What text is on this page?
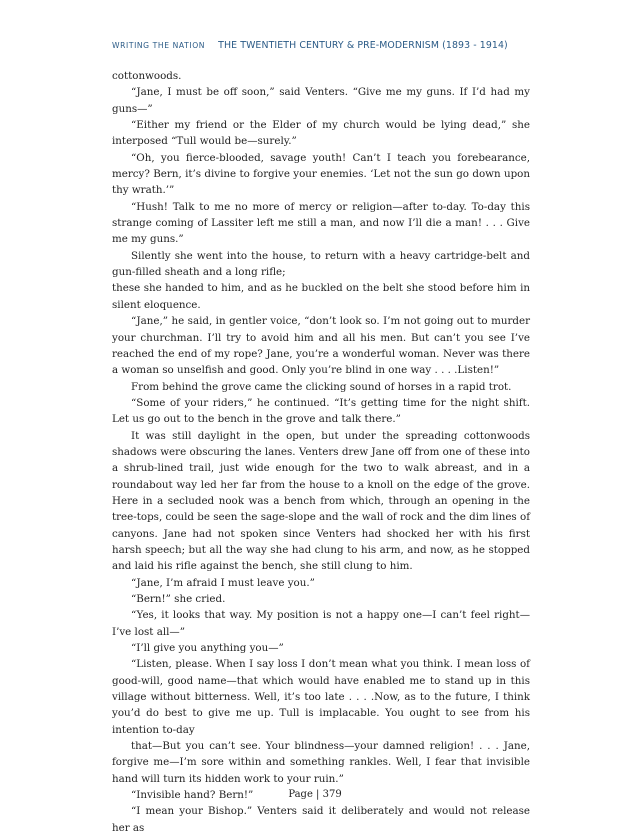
WRITING THE NATION THE TWENTIETH CENTURY & PRE-MODERNISM (1893 - 1914)

cottonwoods.

“Jane, I must be off soon,” said Venters. “Give me my guns. If I’d had my guns—”

“Either my friend or the Elder of my church would be lying dead,” she interposed “Tull would be—surely.”

“Oh, you fierce-blooded, savage youth! Can’t I teach you forebearance, mercy? Bern, it’s divine to forgive your enemies. ‘Let not the sun go down upon thy wrath.’”

“Hush! Talk to me no more of mercy or religion—after to-day. To-day this strange coming of Lassiter left me still a man, and now I’ll die a man! . . . Give me my guns.”

Silently she went into the house, to return with a heavy cartridge-belt and gun-filled sheath and a long rifle;

these she handed to him, and as he buckled on the belt she stood before him in silent eloquence.

“Jane,” he said, in gentler voice, “don’t look so. I’m not going out to murder your churchman. I’ll try to avoid him and all his men. But can’t you see I’ve reached the end of my rope? Jane, you’re a wonderful woman. Never was there a woman so unselfish and good. Only you’re blind in one way . . . .Listen!”

From behind the grove came the clicking sound of horses in a rapid trot.

“Some of your riders,” he continued. “It’s getting time for the night shift. Let us go out to the bench in the grove and talk there.”

It was still daylight in the open, but under the spreading cottonwoods shadows were obscuring the lanes. Venters drew Jane off from one of these into a shrub-lined trail, just wide enough for the two to walk abreast, and in a roundabout way led her far from the house to a knoll on the edge of the grove. Here in a secluded nook was a bench from which, through an opening in the tree-tops, could be seen the sage-slope and the wall of rock and the dim lines of canyons. Jane had not spoken since Venters had shocked her with his first harsh speech; but all the way she had clung to his arm, and now, as he stopped and laid his rifle against the bench, she still clung to him.

“Jane, I’m afraid I must leave you.”

“Bern!” she cried.

“Yes, it looks that way. My position is not a happy one—I can’t feel right—I’ve lost all—”

“I’ll give you anything you—”

“Listen, please. When I say loss I don’t mean what you think. I mean loss of good-will, good name—that which would have enabled me to stand up in this village without bitterness. Well, it’s too late . . . .Now, as to the future, I think you’d do best to give me up. Tull is implacable. You ought to see from his intention to-day

that—But you can’t see. Your blindness—your damned religion! . . . Jane, forgive me—I’m sore within and something rankles. Well, I fear that invisible hand will turn its hidden work to your ruin.”

“Invisible hand? Bern!”

“I mean your Bishop.” Venters said it deliberately and would not release her as

Page | 379
